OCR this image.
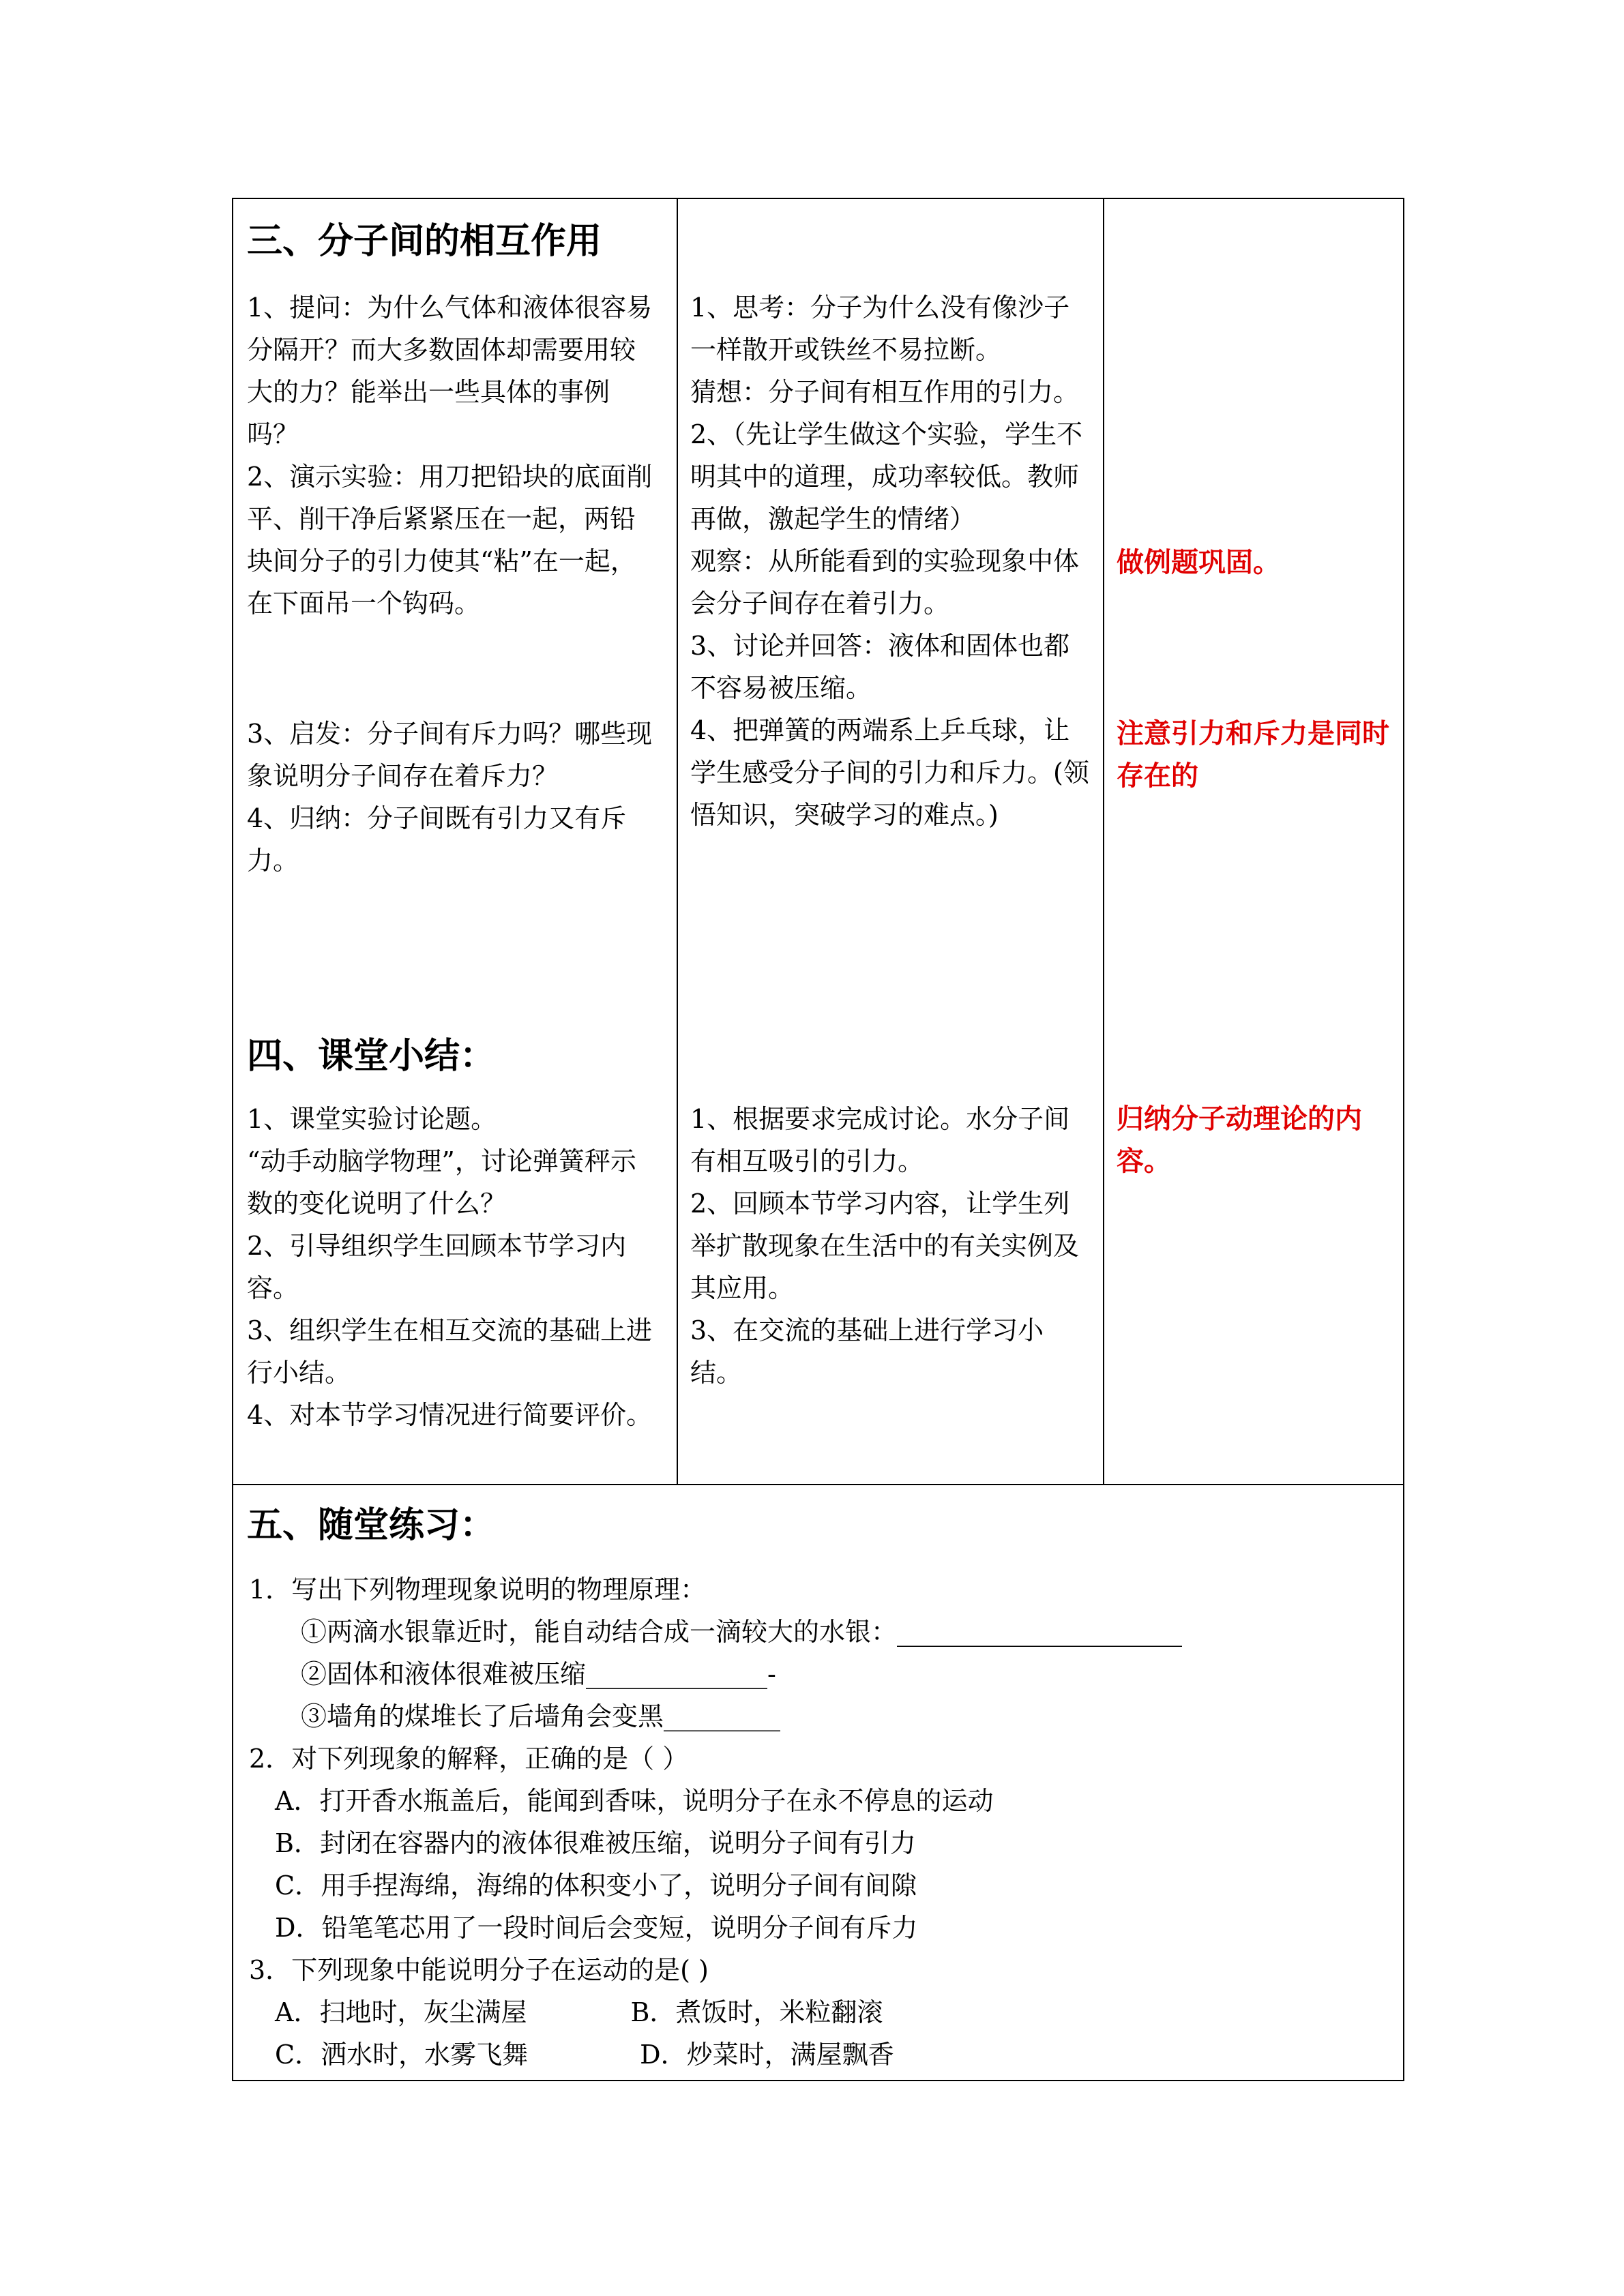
三、分子间的相互作用

1、提问：为什么气体和液体很容易分隔开？而大多数固体却需要用较大的力？能举出一些具体的事例吗？

2、演示实验：用刀把铅块的底面削平、削干净后紧紧压在一起，两铅块间分子的引力使其“粘”在一起，在下面吊一个钩码。

3、启发：分子间有斥力吗？哪些现象说明分子间存在着斥力？

4、归纳：分子间既有引力又有斥力。

1、思考：分子为什么没有像沙子一样散开或铁丝不易拉断。

猜想：分子间有相互作用的引力。

2、（先让学生做这个实验，学生不明其中的道理，成功率较低。教师再做，激起学生的情绪）

观察：从所能看到的实验现象中体会分子间存在着引力。

3、讨论并回答：液体和固体也都不容易被压缩。

4、把弹簧的两端系上乒乓球，让学生感受分子间的引力和斥力。(领悟知识，突破学习的难点。)

做例题巩固。
注意引力和斥力是同时存在的
四、课堂小结：

1、课堂实验讨论题。

“动手动脑学物理”，讨论弹簧秤示数的变化说明了什么？

2、引导组织学生回顾本节学习内容。

3、组织学生在相互交流的基础上进行小结。

4、对本节学习情况进行简要评价。

1、根据要求完成讨论。水分子间有相互吸引的引力。

2、回顾本节学习内容，让学生列举扩散现象在生活中的有关实例及其应用。

3、在交流的基础上进行学习小结。

归纳分子动理论的内容。
五、随堂练习：

1．写出下列物理现象说明的物理原理：

　　①两滴水银靠近时，能自动结合成一滴较大的水银：______________________

　　②固体和液体很难被压缩______________-

　　③墙角的煤堆长了后墙角会变黑_________

2．对下列现象的解释，正确的是（ ）

　A．打开香水瓶盖后，能闻到香味，说明分子在永不停息的运动

　B．封闭在容器内的液体很难被压缩，说明分子间有引力

　C．用手捏海绵，海绵的体积变小了，说明分子间有间隙

　D．铅笔笔芯用了一段时间后会变短，说明分子间有斥力

3．下列现象中能说明分子在运动的是( )

　A．扫地时，灰尘满屋　　　　B．煮饭时，米粒翻滚

　C．洒水时，水雾飞舞　　　　 D．炒菜时，满屋飘香
